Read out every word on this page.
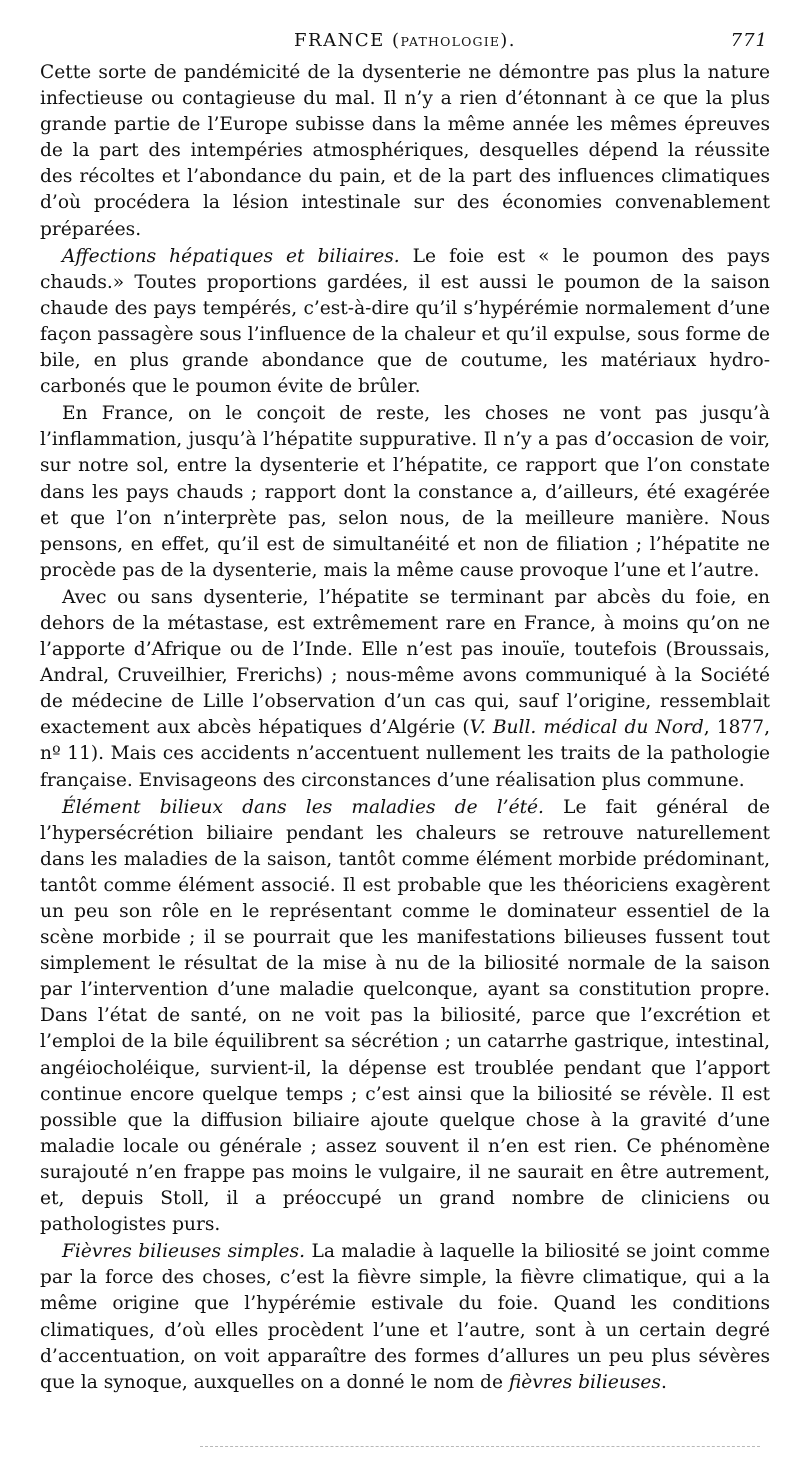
FRANCE (PATHOLOGIE).	771

Cette sorte de pandémicité de la dysenterie ne démontre pas plus la nature infectieuse ou contagieuse du mal. Il n’y a rien d’étonnant à ce que la plus grande partie de l’Europe subisse dans la même année les mêmes épreuves de la part des intempéries atmosphériques, desquelles dépend la réussite des récoltes et l’abondance du pain, et de la part des influences climatiques d’où procédera la lésion intestinale sur des économies convenablement préparées.

Affections hépatiques et biliaires. Le foie est « le poumon des pays chauds.» Toutes proportions gardées, il est aussi le poumon de la saison chaude des pays tempérés, c’est-à-dire qu’il s’hypérémie normalement d’une façon passagère sous l’influence de la chaleur et qu’il expulse, sous forme de bile, en plus grande abondance que de coutume, les matériaux hydro-carbonés que le poumon évite de brûler.

En France, on le conçoit de reste, les choses ne vont pas jusqu’à l’inflammation, jusqu’à l’hépatite suppurative. Il n’y a pas d’occasion de voir, sur notre sol, entre la dysenterie et l’hépatite, ce rapport que l’on constate dans les pays chauds ; rapport dont la constance a, d’ailleurs, été exagérée et que l’on n’interprète pas, selon nous, de la meilleure manière. Nous pensons, en effet, qu’il est de simultanéité et non de filiation ; l’hépatite ne procède pas de la dysenterie, mais la même cause provoque l’une et l’autre.

Avec ou sans dysenterie, l’hépatite se terminant par abcès du foie, en dehors de la métastase, est extrêmement rare en France, à moins qu’on ne l’apporte d’Afrique ou de l’Inde. Elle n’est pas inouïe, toutefois (Broussais, Andral, Cruveilhier, Frerichs) ; nous-même avons communiqué à la Société de médecine de Lille l’observation d’un cas qui, sauf l’origine, ressemblait exactement aux abcès hépatiques d’Algérie (V. Bull. médical du Nord, 1877, nº 11). Mais ces accidents n’accentuent nullement les traits de la pathologie française. Envisageons des circonstances d’une réalisation plus commune.

Élément bilieux dans les maladies de l’été. Le fait général de l’hypersécrétion biliaire pendant les chaleurs se retrouve naturellement dans les maladies de la saison, tantôt comme élément morbide prédominant, tantôt comme élément associé. Il est probable que les théoriciens exagèrent un peu son rôle en le représentant comme le dominateur essentiel de la scène morbide ; il se pourrait que les manifestations bilieuses fussent tout simplement le résultat de la mise à nu de la biliosité normale de la saison par l’intervention d’une maladie quelconque, ayant sa constitution propre. Dans l’état de santé, on ne voit pas la biliosité, parce que l’excrétion et l’emploi de la bile équilibrent sa sécrétion ; un catarrhe gastrique, intestinal, angéiocholéique, survient-il, la dépense est troublée pendant que l’apport continue encore quelque temps ; c’est ainsi que la biliosité se révèle. Il est possible que la diffusion biliaire ajoute quelque chose à la gravité d’une maladie locale ou générale ; assez souvent il n’en est rien. Ce phénomène surajouté n’en frappe pas moins le vulgaire, il ne saurait en être autrement, et, depuis Stoll, il a préoccupé un grand nombre de cliniciens ou pathologistes purs.

Fièvres bilieuses simples. La maladie à laquelle la biliosité se joint comme par la force des choses, c’est la fièvre simple, la fièvre climatique, qui a la même origine que l’hypérémie estivale du foie. Quand les conditions climatiques, d’où elles procèdent l’une et l’autre, sont à un certain degré d’accentuation, on voit apparaître des formes d’allures un peu plus sévères que la synoque, auxquelles on a donné le nom de fièvres bilieuses.
